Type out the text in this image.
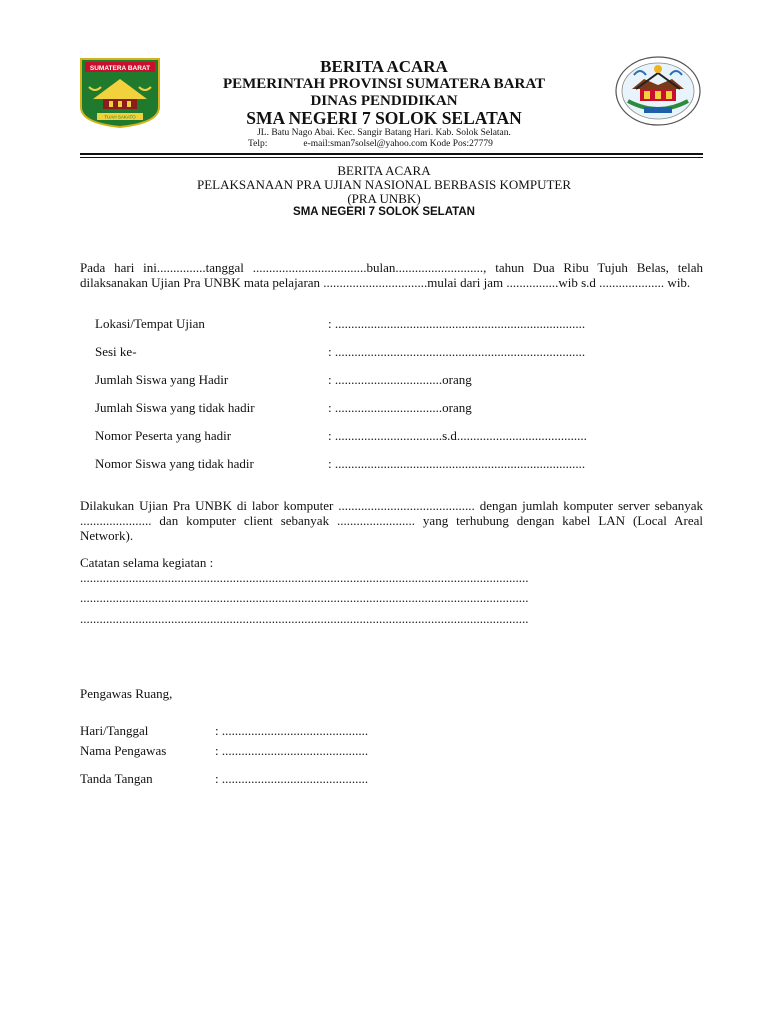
SUMATERA BARAT
TUAH SAKATO
BERITA ACARA
PEMERINTAH PROVINSI SUMATERA BARAT
DINAS PENDIDIKAN
SMA NEGERI 7 SOLOK SELATAN
JL. Batu Nago Abai. Kec. Sangir Batang Hari. Kab. Solok Selatan.
Telp:	e-mail:sman7solsel@yahoo.com Kode Pos:27779
BERITA ACARA
PELAKSANAAN PRA UJIAN NASIONAL BERBASIS KOMPUTER
(PRA UNBK)
SMA NEGERI 7 SOLOK SELATAN
Pada hari ini...............tanggal ...................................bulan..........................., tahun Dua Ribu Tujuh Belas, telah dilaksanakan Ujian Pra UNBK mata pelajaran ................................mulai dari jam ................wib s.d .................... wib.
Lokasi/Tempat Ujian	: .............................................................................
Sesi ke-	: .............................................................................
Jumlah Siswa yang Hadir	: .................................orang
Jumlah Siswa yang tidak hadir	: .................................orang
Nomor Peserta yang hadir	: .................................s.d........................................
Nomor Siswa yang tidak hadir	: .............................................................................
Dilakukan Ujian Pra UNBK di labor komputer .......................................... dengan jumlah komputer server sebanyak ...................... dan komputer client sebanyak ........................ yang terhubung dengan kabel LAN (Local Areal Network).
Catatan selama kegiatan :
..........................................................................................................................................
..........................................................................................................................................
..........................................................................................................................................
Pengawas Ruang,
Hari/Tanggal	: .............................................
Nama Pengawas	: .............................................
Tanda Tangan	: .............................................
